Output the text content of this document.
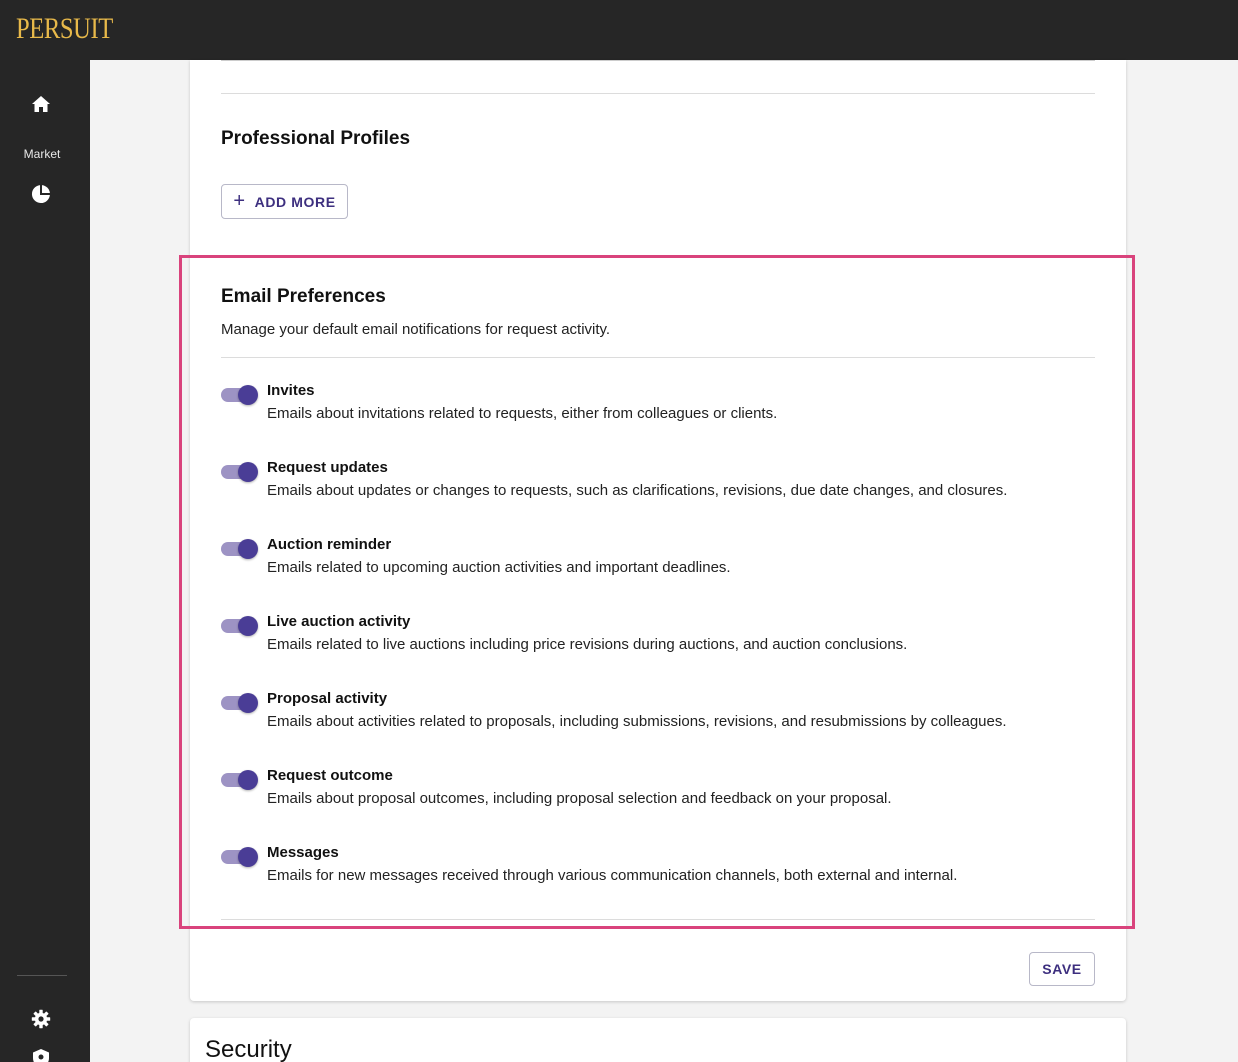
PERSUIT
Market
Professional Profiles
+ ADD MORE
Email Preferences
Manage your default email notifications for request activity.
Invites
Emails about invitations related to requests, either from colleagues or clients.
Request updates
Emails about updates or changes to requests, such as clarifications, revisions, due date changes, and closures.
Auction reminder
Emails related to upcoming auction activities and important deadlines.
Live auction activity
Emails related to live auctions including price revisions during auctions, and auction conclusions.
Proposal activity
Emails about activities related to proposals, including submissions, revisions, and resubmissions by colleagues.
Request outcome
Emails about proposal outcomes, including proposal selection and feedback on your proposal.
Messages
Emails for new messages received through various communication channels, both external and internal.
SAVE
Security
